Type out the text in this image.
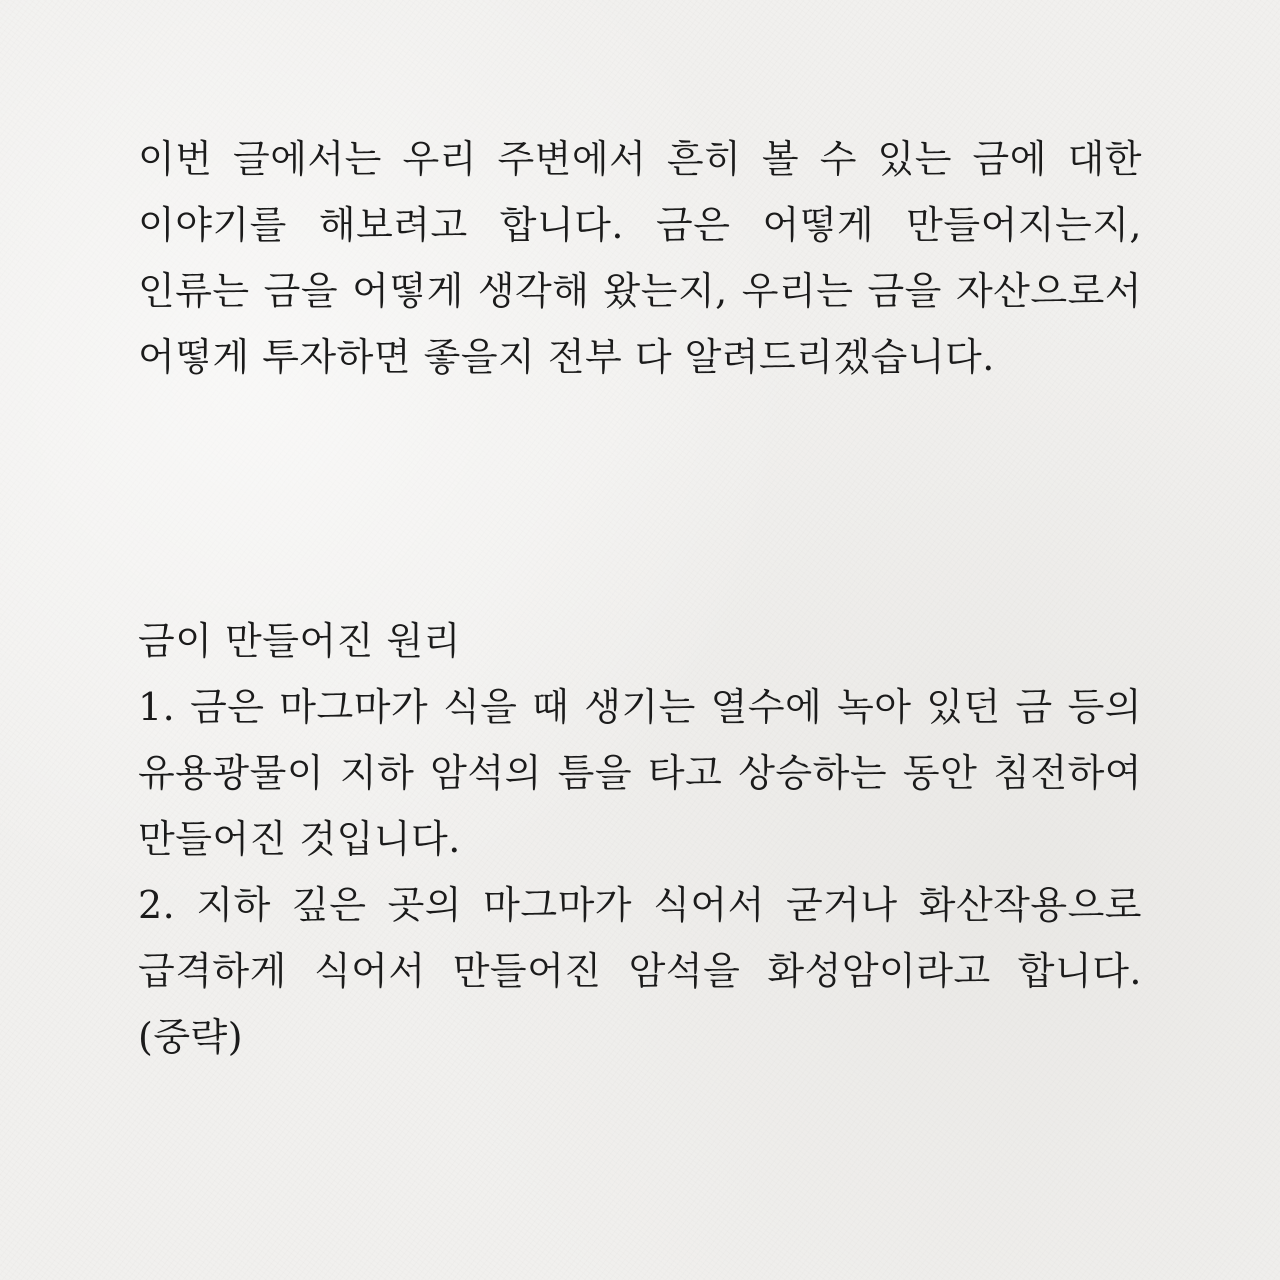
이번 글에서는 우리 주변에서 흔히 볼 수 있는 금에 대한 이야기를 해보려고 합니다. 금은 어떻게 만들어지는지, 인류는 금을 어떻게 생각해 왔는지, 우리는 금을 자산으로서 어떻게 투자하면 좋을지 전부 다 알려드리겠습니다.

금이 만들어진 원리

1. 금은 마그마가 식을 때 생기는 열수에 녹아 있던 금 등의 유용광물이 지하 암석의 틈을 타고 상승하는 동안 침전하여 만들어진 것입니다.

2. 지하 깊은 곳의 마그마가 식어서 굳거나 화산작용으로 급격하게 식어서 만들어진 암석을 화성암이라고 합니다. (중략)
